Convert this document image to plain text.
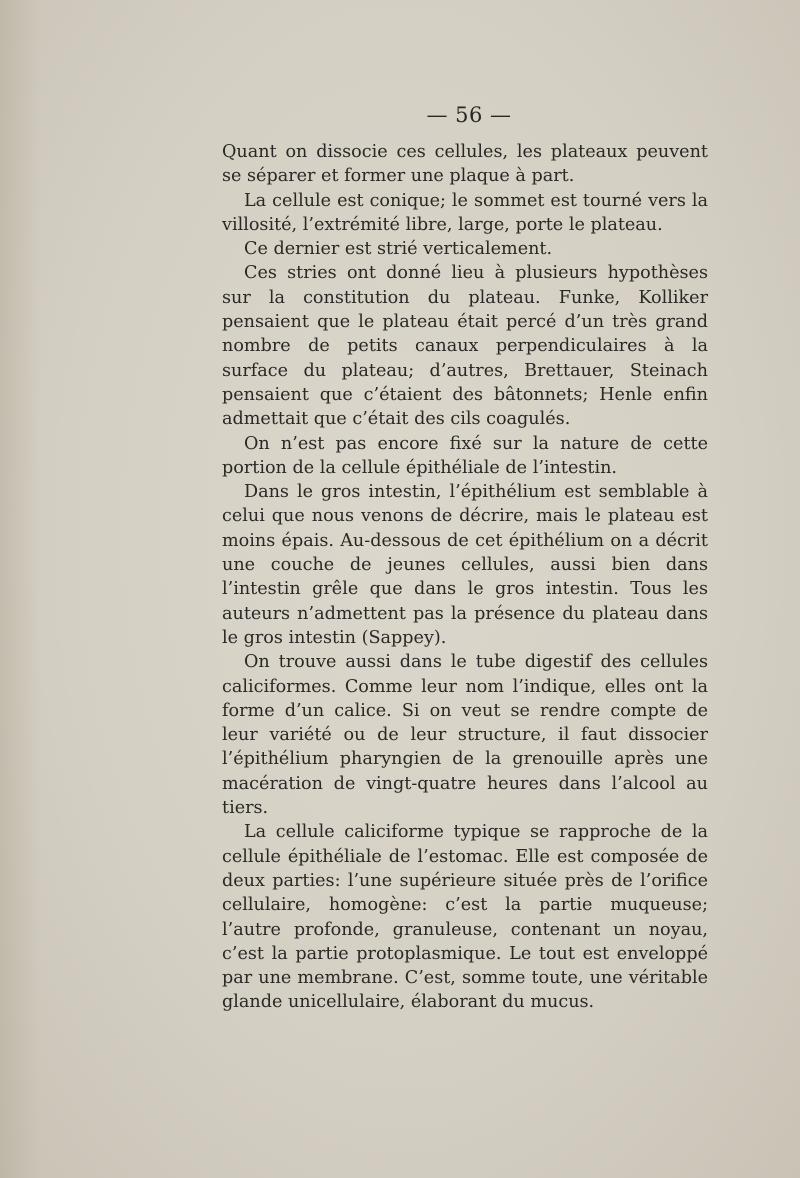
— 56 —

Quant on dissocie ces cellules, les plateaux peuvent se séparer et former une plaque à part.

La cellule est conique; le sommet est tourné vers la villosité, l’extrémité libre, large, porte le plateau.

Ce dernier est strié verticalement.

Ces stries ont donné lieu à plusieurs hypothèses sur la constitution du plateau. Funke, Kolliker pensaient que le plateau était percé d’un très grand nombre de petits canaux perpendiculaires à la surface du plateau; d’autres, Brettauer, Steinach pensaient que c’étaient des bâtonnets; Henle enfin admettait que c’était des cils coagulés.

On n’est pas encore fixé sur la nature de cette portion de la cellule épithéliale de l’intestin.

Dans le gros intestin, l’épithélium est semblable à celui que nous venons de décrire, mais le plateau est moins épais. Au-dessous de cet épithélium on a décrit une couche de jeunes cellules, aussi bien dans l’intestin grêle que dans le gros intestin. Tous les auteurs n’admettent pas la présence du plateau dans le gros intestin (Sappey).

On trouve aussi dans le tube digestif des cellules caliciformes. Comme leur nom l’indique, elles ont la forme d’un calice. Si on veut se rendre compte de leur variété ou de leur structure, il faut dissocier l’épithélium pharyngien de la grenouille après une macération de vingt-quatre heures dans l’alcool au tiers.

La cellule caliciforme typique se rapproche de la cellule épithéliale de l’estomac. Elle est composée de deux parties: l’une supérieure située près de l’orifice cellulaire, homogène: c’est la partie muqueuse; l’autre profonde, granuleuse, contenant un noyau, c’est la partie protoplasmique. Le tout est enveloppé par une membrane. C’est, somme toute, une véritable glande unicellulaire, élaborant du mucus.
